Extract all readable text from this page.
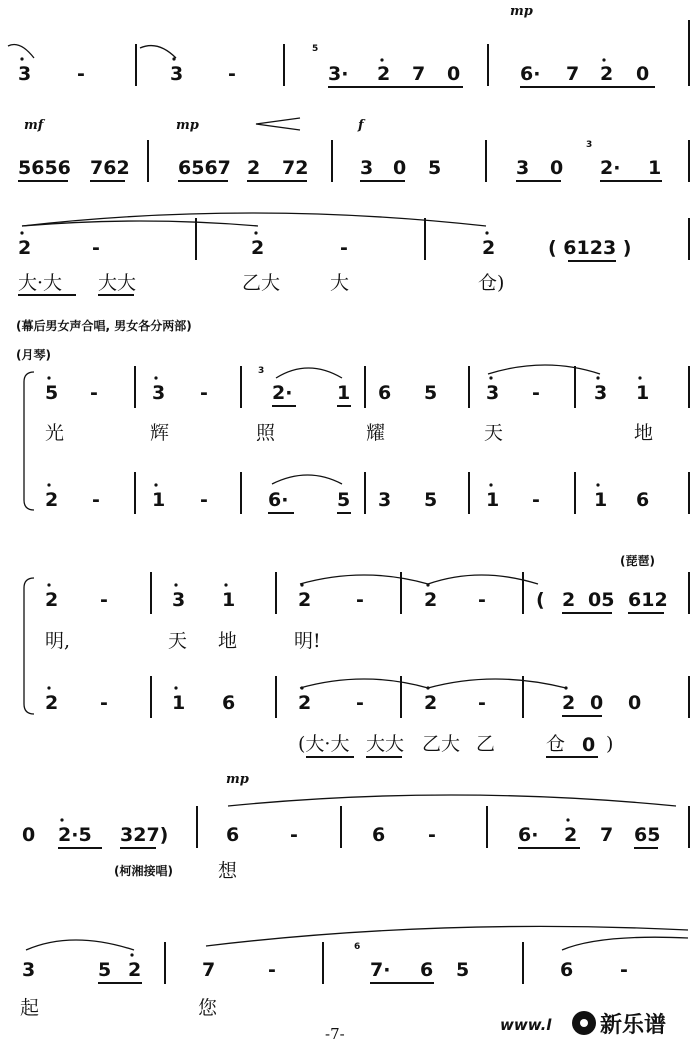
mp
3 -	3 -
5
3· 2 7 0	6· 7 2 0
mf	mp	f
5656 762	6567 2 72	3 0 5	3 0
3
2· 1
2	-	2	-	2	( 6123 )
大·大 大大	乙大	大	仓)
(幕后男女声合唱, 男女各分两部)
(月琴)
5 -	3 -
3
2· 1 6 5	3 -	3 1
光	辉	照	耀	天	地
2 -	1 -	6·	5 3 5	1 -	1 6
(琵琶)
2 -	3 1	2 -	2 -	( 2 05 612
明,	天 地	明!
2 -	1 6	2 -	2 -	2 0 0
(大·大 大大 乙大 乙	仓 0 )
mp
0 2·5 327)	6	-	6 -	6· 2 7 65
(柯湘接唱) 想
3	5 2	7	-
6
7· 6 5	6 -
起	您
-7-	www.l 新乐谱
